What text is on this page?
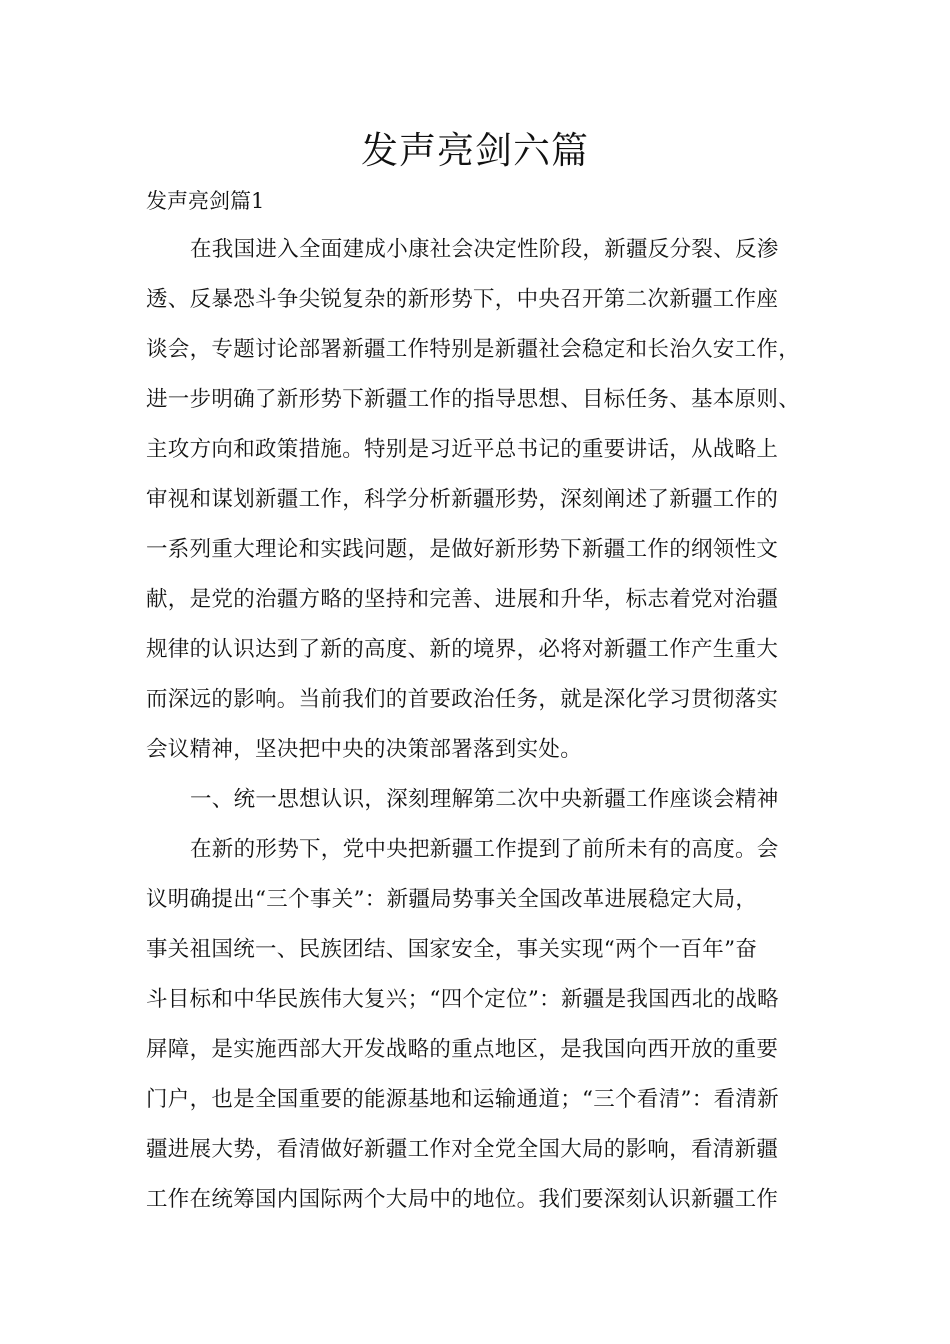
发声亮剑六篇
发声亮剑篇1

在我国进入全面建成小康社会决定性阶段，新疆反分裂、反渗

透、反暴恐斗争尖锐复杂的新形势下，中央召开第二次新疆工作座

谈会，专题讨论部署新疆工作特别是新疆社会稳定和长治久安工作，

进一步明确了新形势下新疆工作的指导思想、目标任务、基本原则、

主攻方向和政策措施。特别是习近平总书记的重要讲话，从战略上

审视和谋划新疆工作，科学分析新疆形势，深刻阐述了新疆工作的

一系列重大理论和实践问题，是做好新形势下新疆工作的纲领性文

献，是党的治疆方略的坚持和完善、进展和升华，标志着党对治疆

规律的认识达到了新的高度、新的境界，必将对新疆工作产生重大

而深远的影响。当前我们的首要政治任务，就是深化学习贯彻落实

会议精神，坚决把中央的决策部署落到实处。

一、统一思想认识，深刻理解第二次中央新疆工作座谈会精神

在新的形势下，党中央把新疆工作提到了前所未有的高度。会

议明确提出“三个事关”：新疆局势事关全国改革进展稳定大局，

事关祖国统一、民族团结、国家安全，事关实现“两个一百年”奋

斗目标和中华民族伟大复兴；“四个定位”：新疆是我国西北的战略

屏障，是实施西部大开发战略的重点地区，是我国向西开放的重要

门户，也是全国重要的能源基地和运输通道；“三个看清”：看清新

疆进展大势，看清做好新疆工作对全党全国大局的影响，看清新疆

工作在统筹国内国际两个大局中的地位。我们要深刻认识新疆工作
